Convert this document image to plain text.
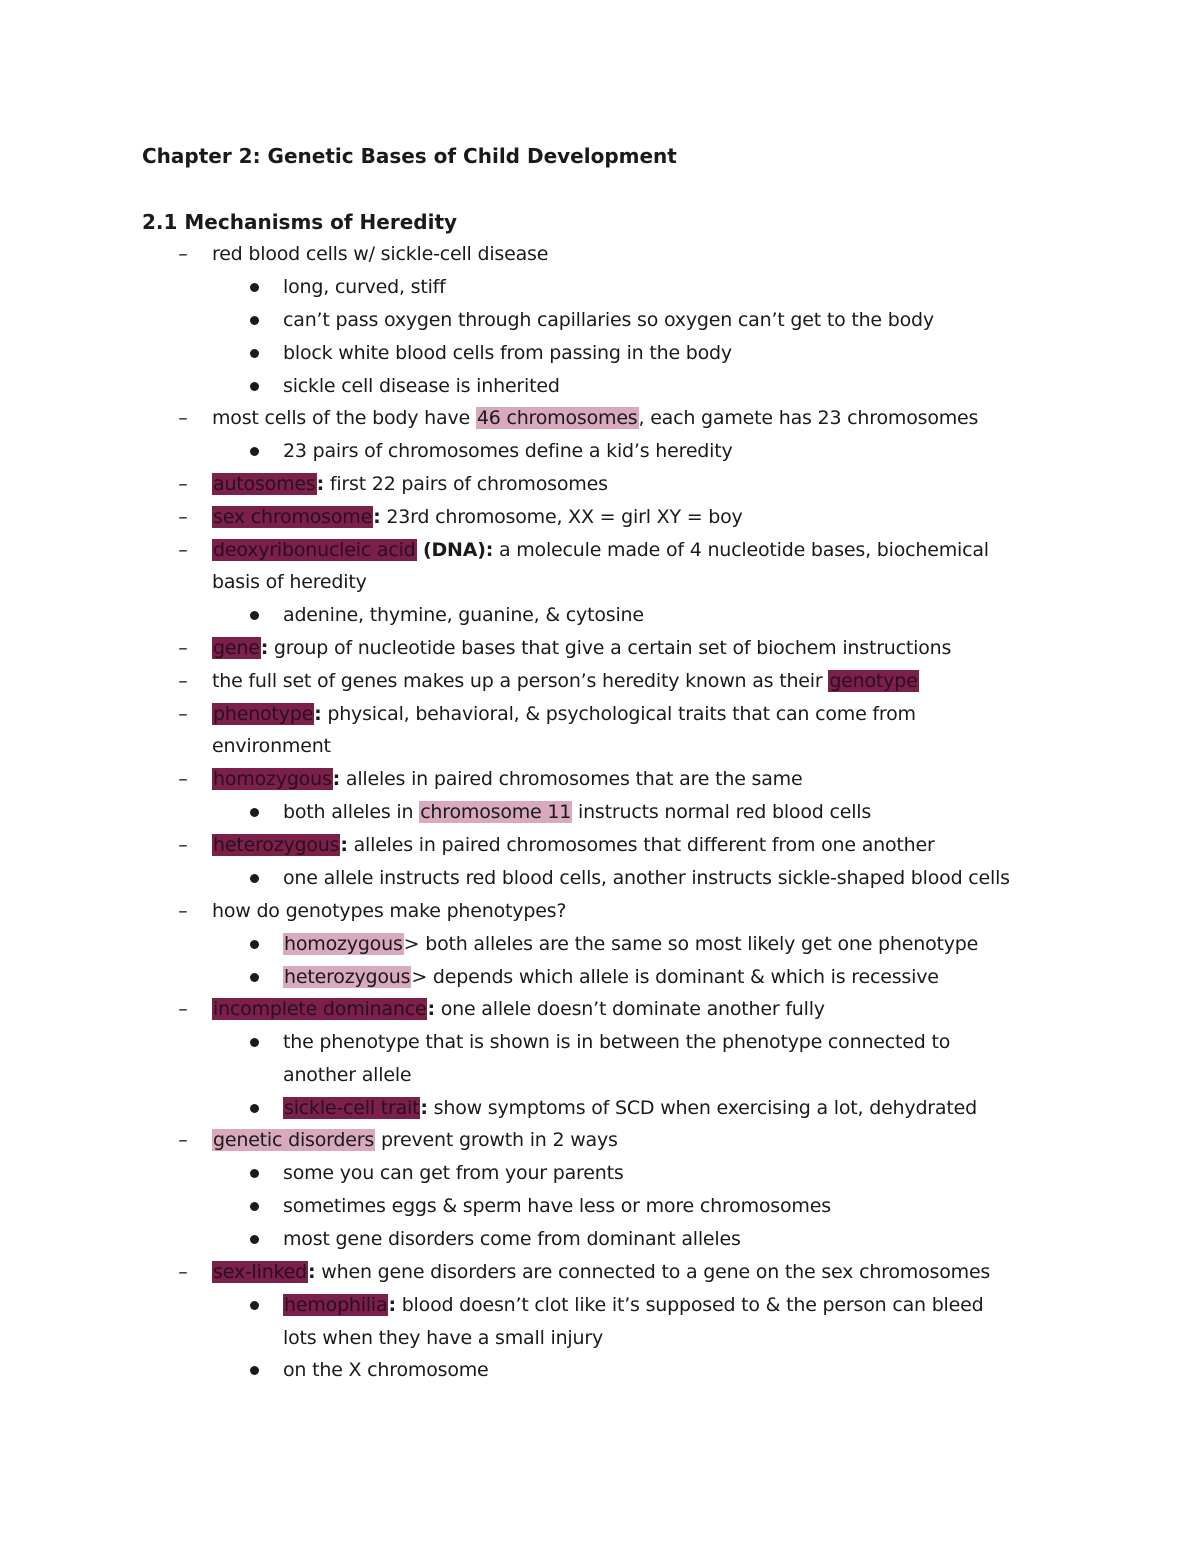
Chapter 2: Genetic Bases of Child Development
2.1 Mechanisms of Heredity
– red blood cells w/ sickle-cell disease
long, curved, stiff
can’t pass oxygen through capillaries so oxygen can’t get to the body
block white blood cells from passing in the body
sickle cell disease is inherited
– most cells of the body have 46 chromosomes, each gamete has 23 chromosomes
23 pairs of chromosomes define a kid’s heredity
– autosomes: first 22 pairs of chromosomes
– sex chromosome: 23rd chromosome, XX = girl XY = boy
– deoxyribonucleic acid (DNA): a molecule made of 4 nucleotide bases, biochemical
basis of heredity
adenine, thymine, guanine, & cytosine
– gene: group of nucleotide bases that give a certain set of biochem instructions
– the full set of genes makes up a person’s heredity known as their genotype
– phenotype: physical, behavioral, & psychological traits that can come from
environment
– homozygous: alleles in paired chromosomes that are the same
both alleles in chromosome 11 instructs normal red blood cells
– heterozygous: alleles in paired chromosomes that different from one another
one allele instructs red blood cells, another instructs sickle-shaped blood cells
– how do genotypes make phenotypes?
homozygous> both alleles are the same so most likely get one phenotype
heterozygous> depends which allele is dominant & which is recessive
– incomplete dominance: one allele doesn’t dominate another fully
the phenotype that is shown is in between the phenotype connected to
another allele
sickle-cell trait: show symptoms of SCD when exercising a lot, dehydrated
– genetic disorders prevent growth in 2 ways
some you can get from your parents
sometimes eggs & sperm have less or more chromosomes
most gene disorders come from dominant alleles
– sex-linked: when gene disorders are connected to a gene on the sex chromosomes
hemophilia: blood doesn’t clot like it’s supposed to & the person can bleed
lots when they have a small injury
on the X chromosome
